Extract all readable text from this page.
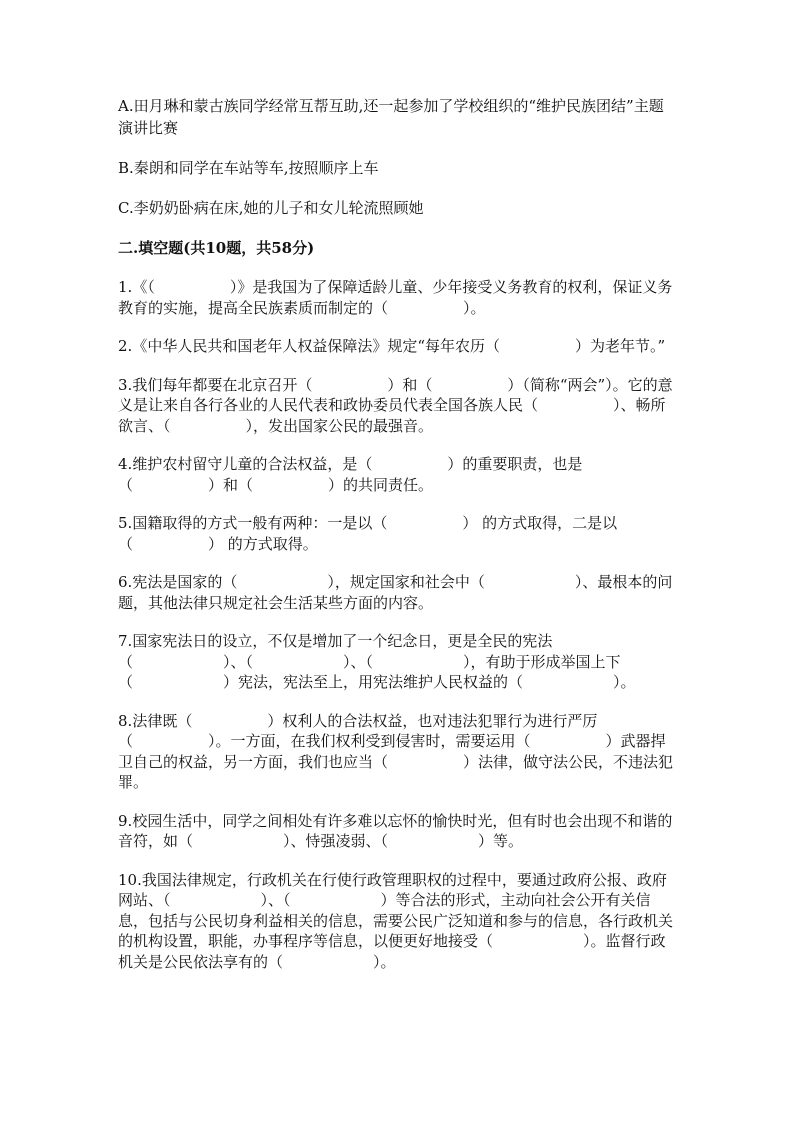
A.田月琳和蒙古族同学经常互帮互助,还一起参加了学校组织的“维护民族团结”主题演讲比赛

B.秦朗和同学在车站等车,按照顺序上车

C.李奶奶卧病在床,她的儿子和女儿轮流照顾她

二.填空题(共10题，共58分)

1.《（　　　　　）》是我国为了保障适龄儿童、少年接受义务教育的权利，保证义务教育的实施，提高全民族素质而制定的（　　　　　）。

2.《中华人民共和国老年人权益保障法》规定“每年农历（　　　　　）为老年节。”

3.我们每年都要在北京召开（　　　　　）和（　　　　　）（简称“两会”）。它的意义是让来自各行各业的人民代表和政协委员代表全国各族人民（　　　　　）、畅所欲言、（　　　　　），发出国家公民的最强音。

4.维护农村留守儿童的合法权益，是（　　　　　）的重要职责，也是（　　　　　）和（　　　　　）的共同责任。

5.国籍取得的方式一般有两种：一是以（　　　　　） 的方式取得，二是以（　　　　　） 的方式取得。

6.宪法是国家的（　　　　　　），规定国家和社会中（　　　　　　）、最根本的问题，其他法律只规定社会生活某些方面的内容。

7.国家宪法日的设立，不仅是增加了一个纪念日，更是全民的宪法（　　　　　　）、（　　　　　　）、（　　　　　　），有助于形成举国上下（　　　　　　）宪法，宪法至上，用宪法维护人民权益的（　　　　　　）。

8.法律既（　　　　　）权利人的合法权益，也对违法犯罪行为进行严厉（　　　　　）。一方面，在我们权利受到侵害时，需要运用（　　　　　）武器捍卫自己的权益，另一方面，我们也应当（　　　　　）法律，做守法公民，不违法犯罪。

9.校园生活中，同学之间相处有许多难以忘怀的愉快时光，但有时也会出现不和谐的音符，如（　　　　　　）、恃强凌弱、（　　　　　　）等。

10.我国法律规定，行政机关在行使行政管理职权的过程中，要通过政府公报、政府网站、（　　　　　　）、（　　　　　　）等合法的形式，主动向社会公开有关信息，包括与公民切身利益相关的信息，需要公民广泛知道和参与的信息，各行政机关的机构设置，职能，办事程序等信息，以便更好地接受（　　　　　　）。监督行政机关是公民依法享有的（　　　　　　）。
